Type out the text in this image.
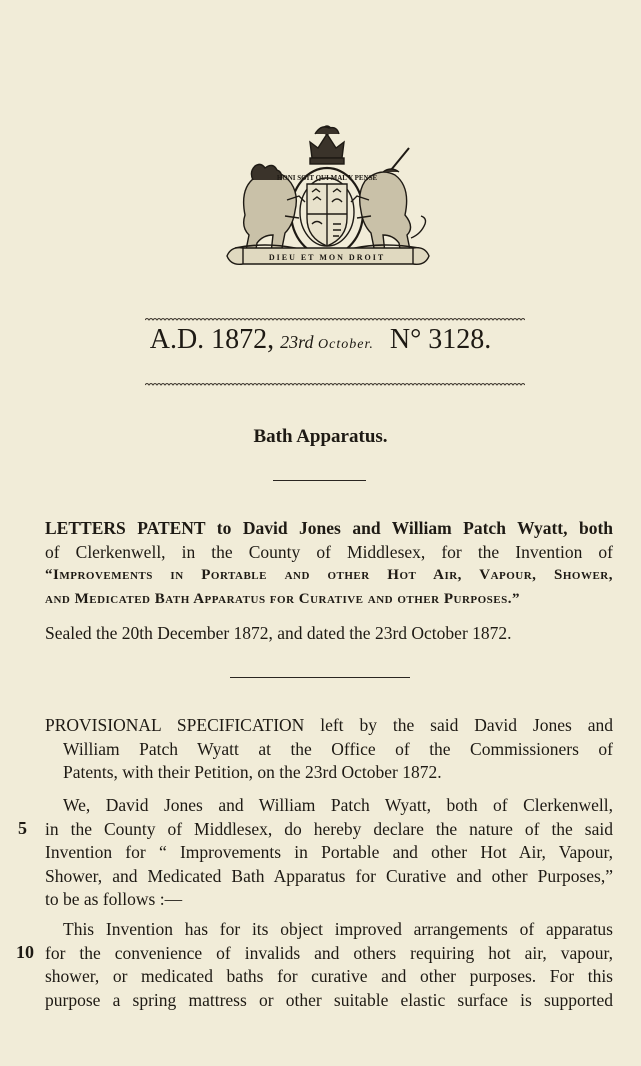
HONI SOIT QUI MAL Y PENSE
DIEU ET MON DROIT
A.D. 1872, 23rd October. N° 3128.
Bath Apparatus.
LETTERS PATENT to David Jones and William Patch Wyatt, both
of Clerkenwell, in the County of Middlesex, for the Invention of
“Improvements in Portable and other Hot Air, Vapour, Shower,
and Medicated Bath Apparatus for Curative and other Purposes.”
Sealed the 20th December 1872, and dated the 23rd October 1872.
PROVISIONAL SPECIFICATION left by the said David Jones and
William Patch Wyatt at the Office of the Commissioners of
Patents, with their Petition, on the 23rd October 1872.
We, David Jones and William Patch Wyatt, both of Clerkenwell,
in the County of Middlesex, do hereby declare the nature of the said
Invention for “ Improvements in Portable and other Hot Air, Vapour,
Shower, and Medicated Bath Apparatus for Curative and other Purposes,”
to be as follows :—
This Invention has for its object improved arrangements of apparatus
for the convenience of invalids and others requiring hot air, vapour,
shower, or medicated baths for curative and other purposes. For this
purpose a spring mattress or other suitable elastic surface is supported
5
10
